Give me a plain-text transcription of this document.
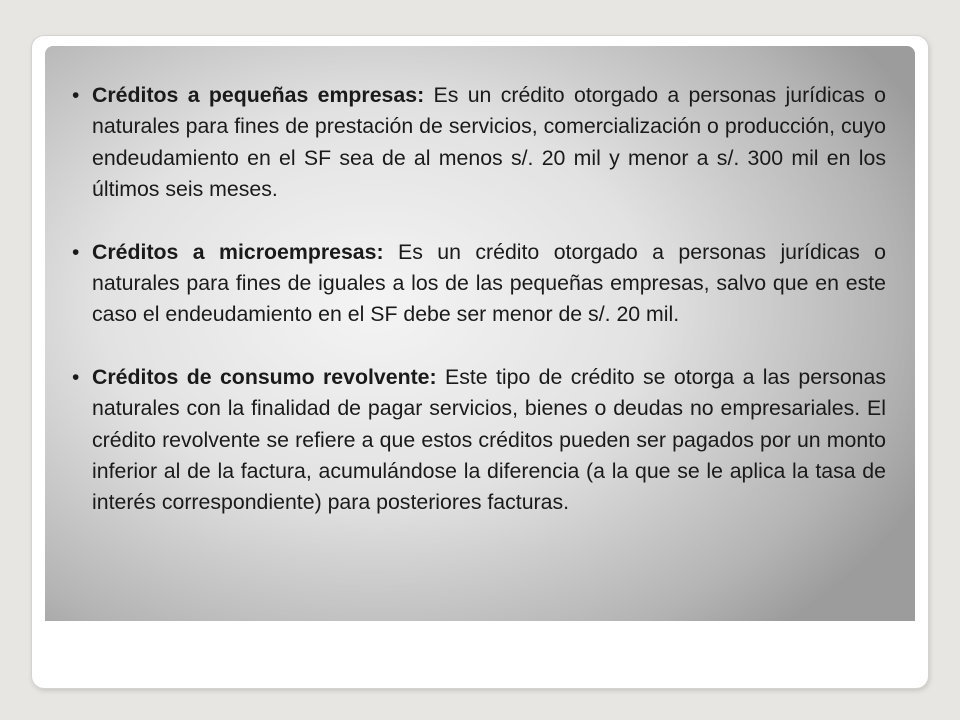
• Créditos a pequeñas empresas: Es un crédito otorgado a personas jurídicas o naturales para fines de prestación de servicios, comercialización o producción, cuyo endeudamiento en el SF sea de al menos s/. 20 mil y menor a s/. 300 mil en los últimos seis meses.
• Créditos a microempresas: Es un crédito otorgado a personas jurídicas o naturales para fines de iguales a los de las pequeñas empresas, salvo que en este caso el endeudamiento en el SF debe ser menor de s/. 20 mil.
• Créditos de consumo revolvente: Este tipo de crédito se otorga a las personas naturales con la finalidad de pagar servicios, bienes o deudas no empresariales. El crédito revolvente se refiere a que estos créditos pueden ser pagados por un monto inferior al de la factura, acumulándose la diferencia (a la que se le aplica la tasa de interés correspondiente) para posteriores facturas.
